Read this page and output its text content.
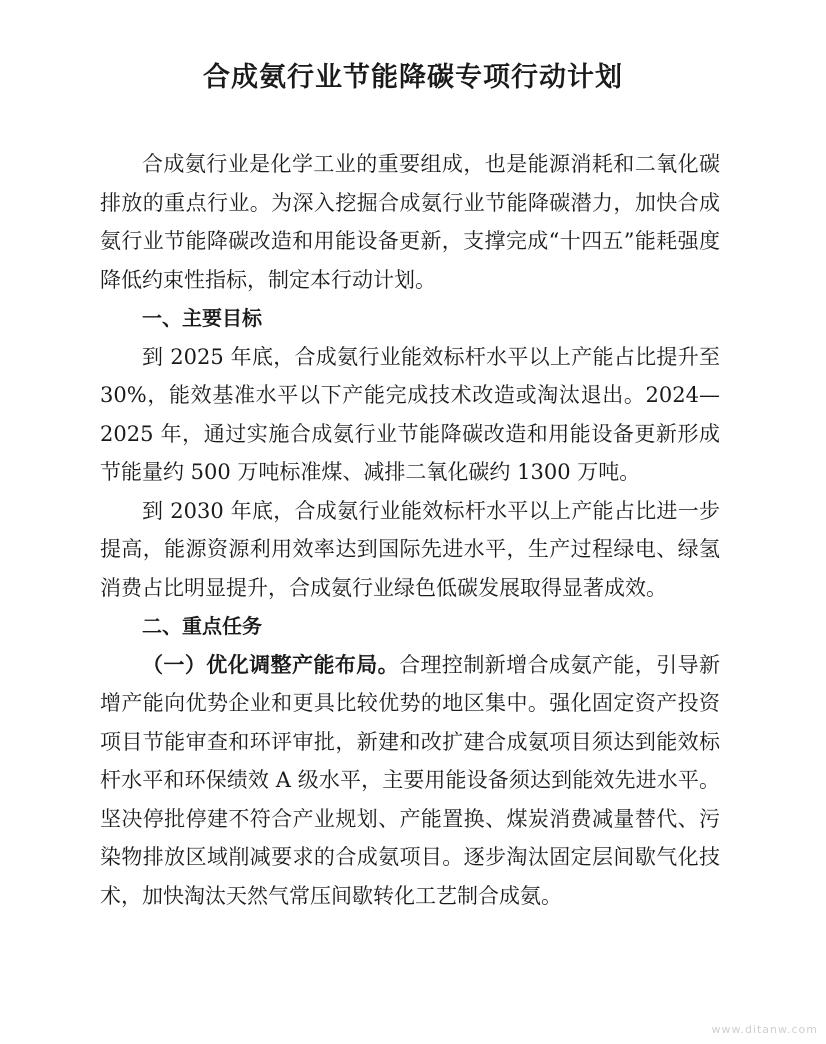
合成氨行业节能降碳专项行动计划

合成氨行业是化学工业的重要组成，也是能源消耗和二氧化碳排放的重点行业。为深入挖掘合成氨行业节能降碳潜力，加快合成氨行业节能降碳改造和用能设备更新，支撑完成“十四五”能耗强度降低约束性指标，制定本行动计划。

一、主要目标

到 2025 年底，合成氨行业能效标杆水平以上产能占比提升至 30%，能效基准水平以下产能完成技术改造或淘汰退出。2024—2025 年，通过实施合成氨行业节能降碳改造和用能设备更新形成节能量约 500 万吨标准煤、减排二氧化碳约 1300 万吨。

到 2030 年底，合成氨行业能效标杆水平以上产能占比进一步提高，能源资源利用效率达到国际先进水平，生产过程绿电、绿氢消费占比明显提升，合成氨行业绿色低碳发展取得显著成效。

二、重点任务

（一）优化调整产能布局。合理控制新增合成氨产能，引导新增产能向优势企业和更具比较优势的地区集中。强化固定资产投资项目节能审查和环评审批，新建和改扩建合成氨项目须达到能效标杆水平和环保绩效 A 级水平，主要用能设备须达到能效先进水平。坚决停批停建不符合产业规划、产能置换、煤炭消费减量替代、污染物排放区域削减要求的合成氨项目。逐步淘汰固定层间歇气化技术，加快淘汰天然气常压间歇转化工艺制合成氨。

www.ditanw.com
